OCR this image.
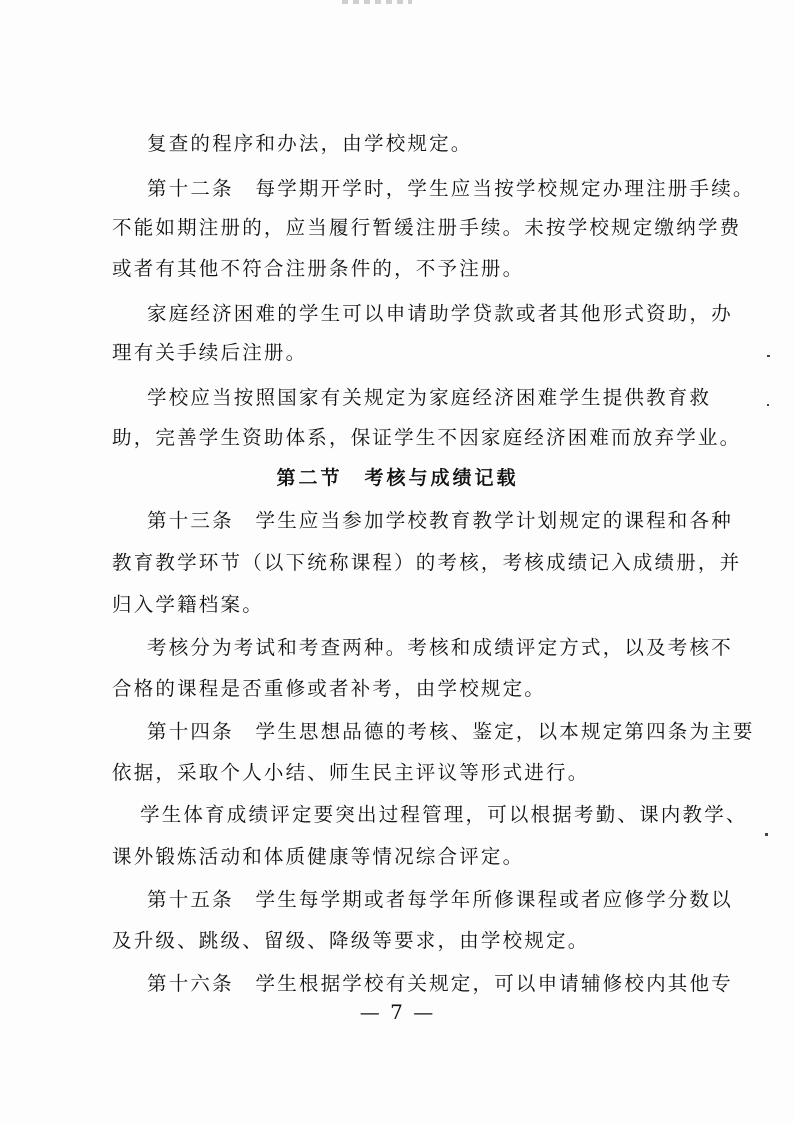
复查的程序和办法，由学校规定。
第十二条　每学期开学时，学生应当按学校规定办理注册手续。
不能如期注册的，应当履行暂缓注册手续。未按学校规定缴纳学费
或者有其他不符合注册条件的，不予注册。
家庭经济困难的学生可以申请助学贷款或者其他形式资助，办
理有关手续后注册。
学校应当按照国家有关规定为家庭经济困难学生提供教育救
助，完善学生资助体系，保证学生不因家庭经济困难而放弃学业。
第二节　考核与成绩记载
第十三条　学生应当参加学校教育教学计划规定的课程和各种
教育教学环节（以下统称课程）的考核，考核成绩记入成绩册，并
归入学籍档案。
考核分为考试和考查两种。考核和成绩评定方式，以及考核不
合格的课程是否重修或者补考，由学校规定。
第十四条　学生思想品德的考核、鉴定，以本规定第四条为主要
依据，采取个人小结、师生民主评议等形式进行。
学生体育成绩评定要突出过程管理，可以根据考勤、课内教学、
课外锻炼活动和体质健康等情况综合评定。
第十五条　学生每学期或者每学年所修课程或者应修学分数以
及升级、跳级、留级、降级等要求，由学校规定。
第十六条　学生根据学校有关规定，可以申请辅修校内其他专
— 7 —
